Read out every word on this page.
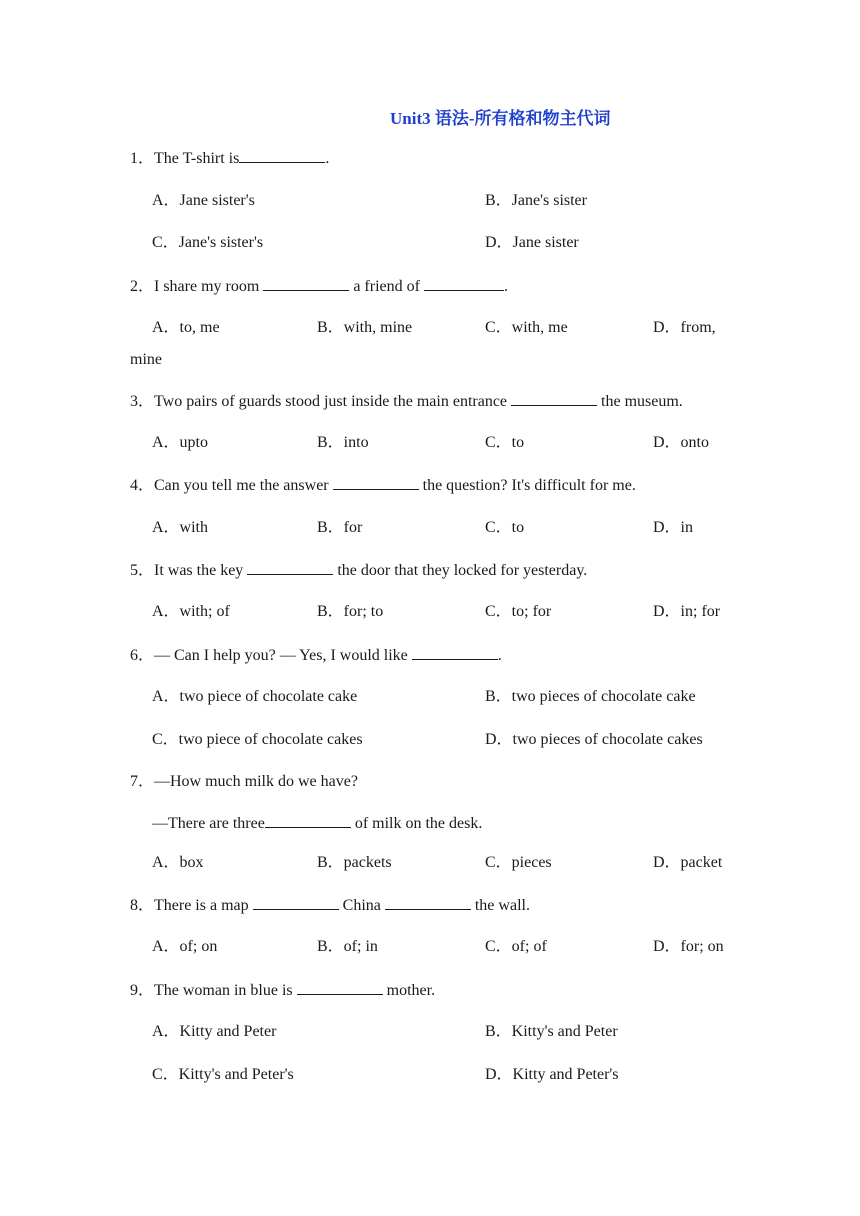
Unit3 语法-所有格和物主代词
1．The T-shirt is	.
A．Jane sister's	B．Jane's sister
C．Jane's sister's	D．Jane sister
2．I share my room	a friend of	.
A．to, me	B．with, mine	C．with, me	D．from,
mine
3．Two pairs of guards stood just inside the main entrance	the museum.
A．upto	B．into	C．to	D．onto
4．Can you tell me the answer	the question? It's difficult for me.
A．with	B．for	C．to	D．in
5．It was the key	the door that they locked for yesterday.
A．with; of	B．for; to	C．to; for	D．in; for
6．— Can I help you? — Yes, I would like	.
A．two piece of chocolate cake	B．two pieces of chocolate cake
C．two piece of chocolate cakes	D．two pieces of chocolate cakes
7．—How much milk do we have?
—There are three	of milk on the desk.
A．box	B．packets	C．pieces	D．packet
8．There is a map	China	the wall.
A．of; on	B．of; in	C．of; of	D．for; on
9．The woman in blue is	mother.
A．Kitty and Peter	B．Kitty's and Peter
C．Kitty's and Peter's	D．Kitty and Peter's
